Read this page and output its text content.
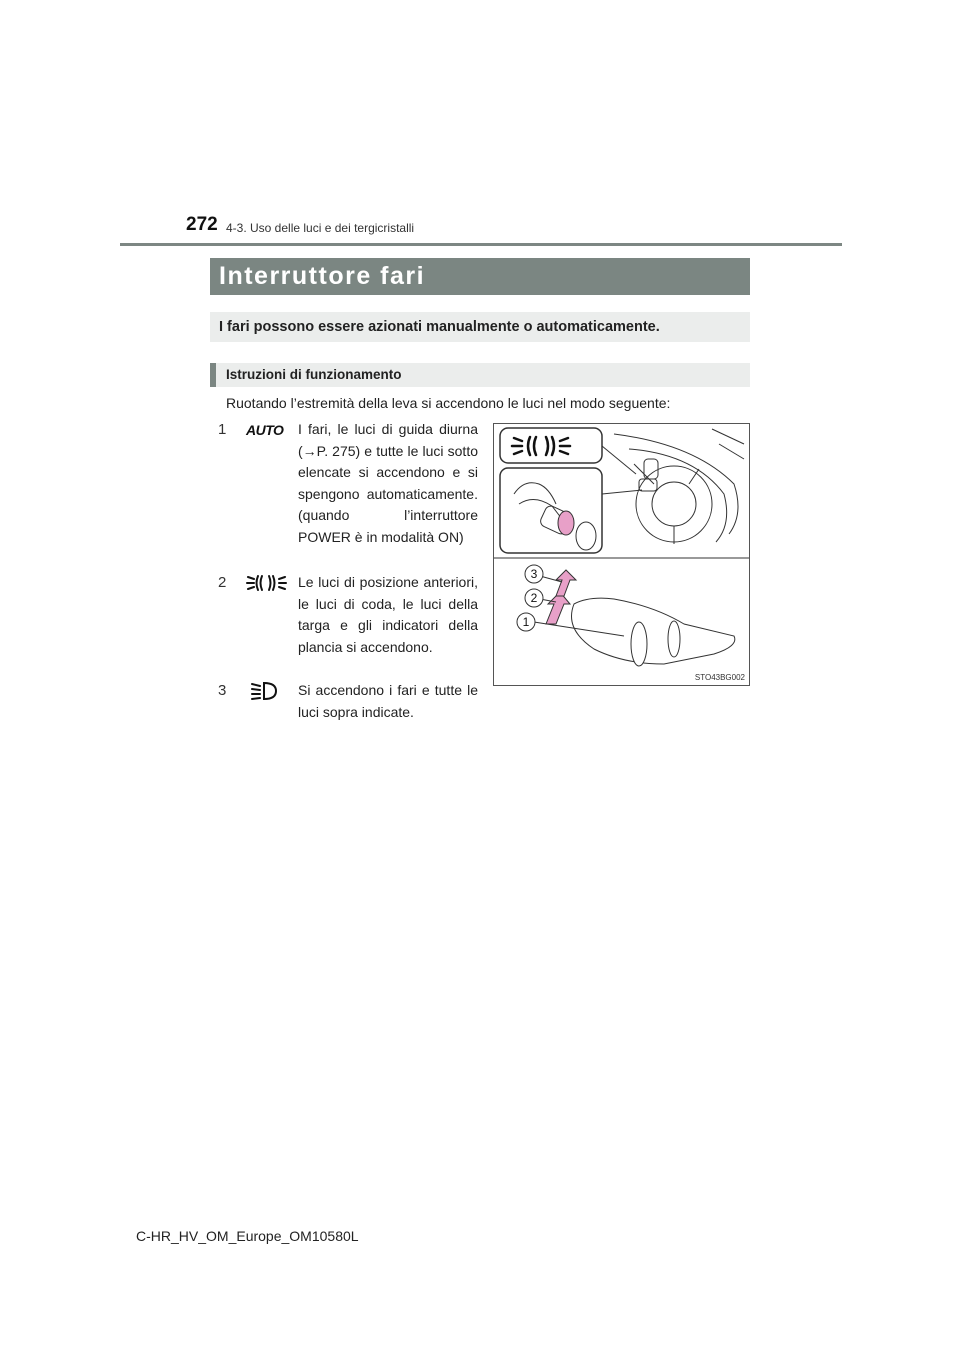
272 4-3. Uso delle luci e dei tergicristalli
Interruttore fari
I fari possono essere azionati manualmente o automaticamente.
Istruzioni di funzionamento
Ruotando l’estremità della leva si accendono le luci nel modo seguente:
1 AUTO	I fari, le luci di guida diurna (→P. 275) e tutte le luci sotto elencate si accendono e si spengono automaticamente. (quando l’interruttore POWER è in modalità ON)
2	Le luci di posizione anteriori, le luci di coda, le luci della targa e gli indicatori della plancia si accendono.
3	Si accendono i fari e tutte le luci sopra indicate.
3
2
1
STO43BG002
C-HR_HV_OM_Europe_OM10580L
